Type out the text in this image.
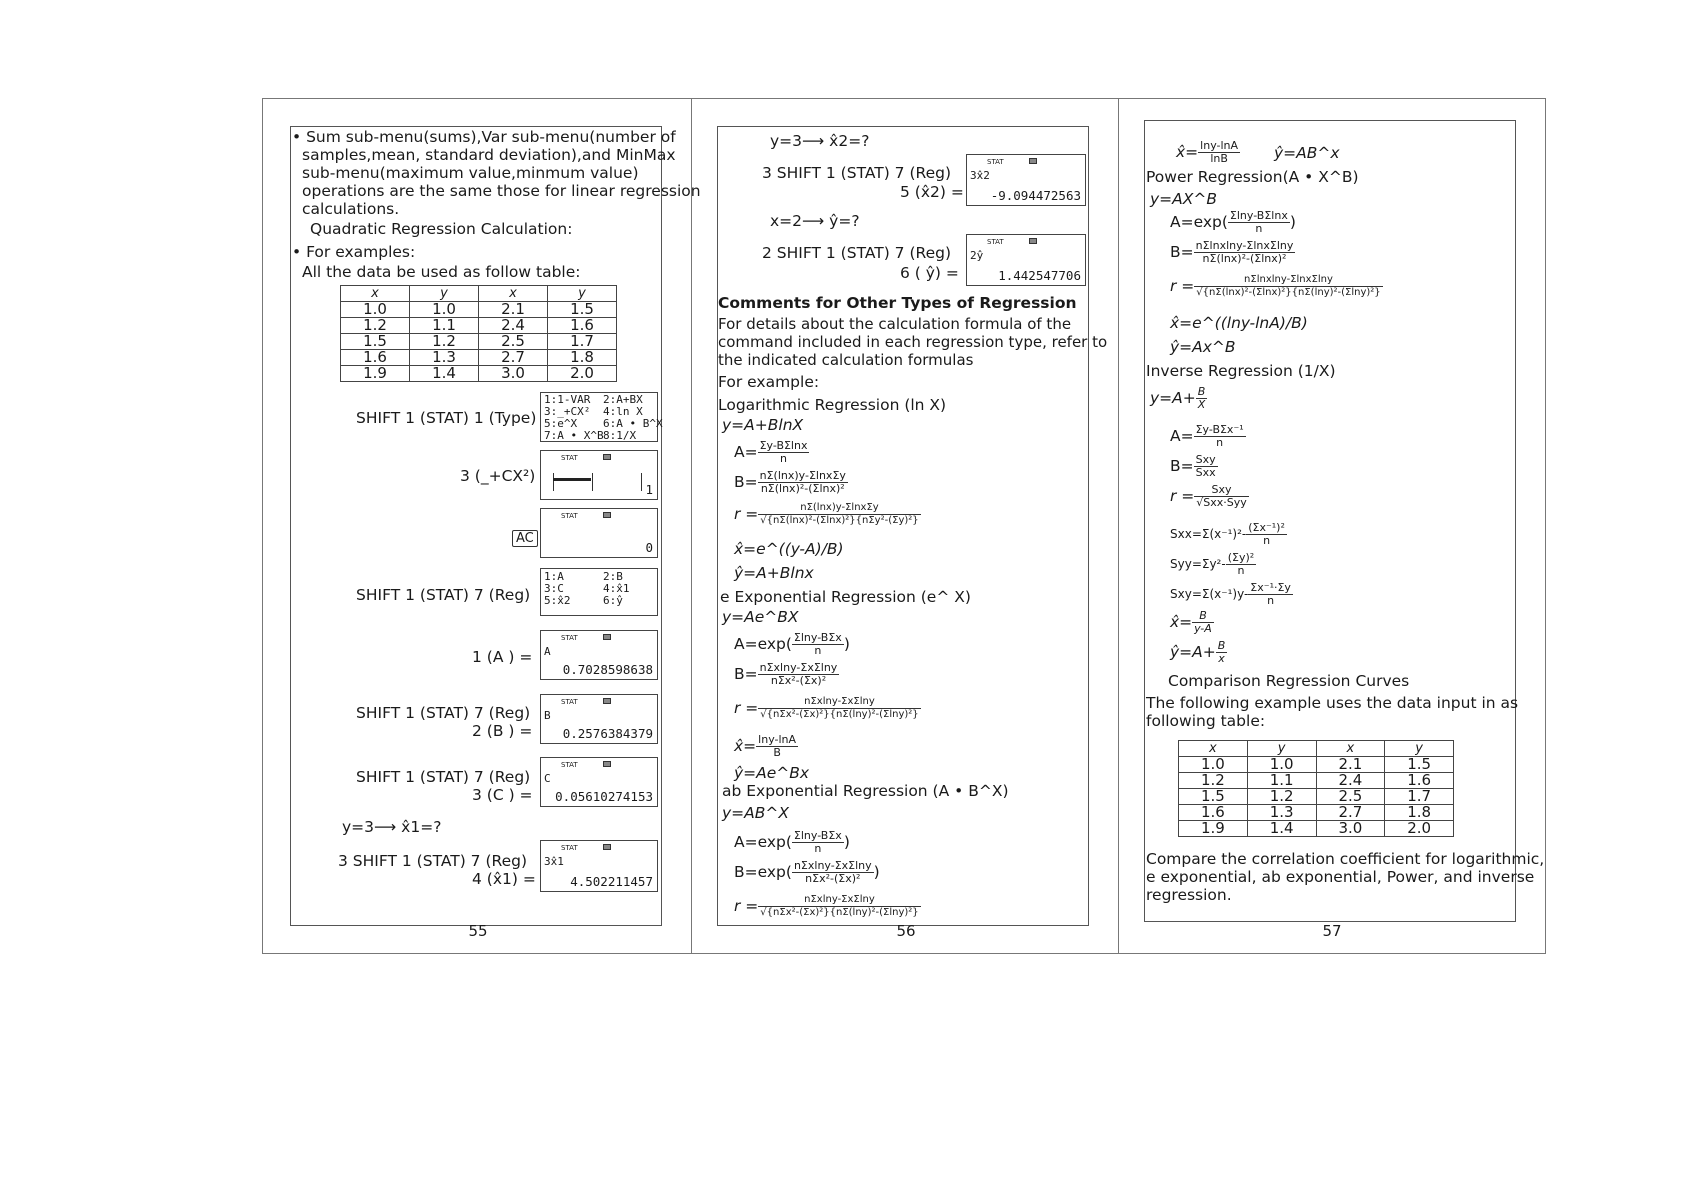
• Sum sub-menu(sums),Var sub-menu(number of
samples,mean, standard deviation),and MinMax
sub-menu(maximum value,minmum value)
operations are the same those for linear regression
calculations.
Quadratic Regression Calculation:
• For examples:
All the data be used as follow table:
x	y	x	y
1.0	1.0	2.1	1.5
1.2	1.1	2.4	1.6
1.5	1.2	2.5	1.7
1.6	1.3	2.7	1.8
1.9	1.4	3.0	2.0
SHIFT 1 (STAT) 1 (Type)
1:1-VAR 2:A+BX
3:_+CX² 4:ln X
5:e^X 6:A • B^X
7:A • X^B 8:1/X
3 (_+CX²)
STAT
1
AC
STAT
0
SHIFT 1 (STAT) 7 (Reg)
1:A	2:B
3:C	4:x̂1
5:x̂2	6:ŷ
1 (A ) =
STAT
A
0.7028598638
SHIFT 1 (STAT) 7 (Reg)
2 (B ) =
STAT
B
0.2576384379
SHIFT 1 (STAT) 7 (Reg)
3 (C ) =
STAT
C
0.05610274153
y=3⟶ x̂1=?
3 SHIFT 1 (STAT) 7 (Reg)
4 (x̂1) =
STAT
3x̂1
4.502211457
55
y=3⟶ x̂2=?
3 SHIFT 1 (STAT) 7 (Reg)
5 (x̂2) =
STAT
3x̂2
-9.094472563
x=2⟶ ŷ=?
2 SHIFT 1 (STAT) 7 (Reg)
6 ( ŷ) =
STAT
2ŷ
1.442547706
Comments for Other Types of Regression
For details about the calculation formula of the
command included in each regression type, refer to
the indicated calculation formulas
For example:
Logarithmic Regression (ln X)
y=A+BlnX
$A= \frac{\Sigma y-B\Sigma\ln x}{n}$
$B= \frac{\text{nΣ(lnx)y-ΣlnxΣy}}{\text{nΣ(lnx)²-(Σlnx)²}}$
$r = \frac{\text{nΣ(lnx)y-ΣlnxΣy}}{\text{√\{nΣ(lnx)²-(Σlnx)²\}\{nΣy²-(Σy)²\}}}$
x̂=e^((y-A)/B)
ŷ=A+Blnx
e Exponential Regression (e^ X)
y=Ae^BX
$A=\exp( \frac{\text{Σlny-BΣx}}{n}$ )
$B= \frac{\text{nΣxlny-ΣxΣlny}}{\text{nΣx²-(Σx)²}}$
$r = \frac{\text{nΣxlny-ΣxΣlny}}{\text{√\{nΣx²-(Σx)²\}\{nΣ(lny)²-(Σlny)²\}}}$
x̂= $\frac{\ln y-\ln A}{B}$
ŷ=Ae^Bx
ab Exponential Regression (A • B^X)
y=AB^X
$A=\exp( \frac{\text{Σlny-BΣx}}{n}$ )
$B=\exp( \frac{\text{nΣxlny-ΣxΣlny}}{\text{nΣx²-(Σx)²}}$ )
$r = \frac{\text{nΣxlny-ΣxΣlny}}{\text{√\{nΣx²-(Σx)²\}\{nΣ(lny)²-(Σlny)²\}}}$
56
x̂= $\frac{\ln y-\ln A}{\ln B}$ ŷ=AB^x
Power Regression(A • X^B)
y=AX^B
$A=\exp( \frac{\Sigma\ln y-B\Sigma\ln x}{n}$ )
$B= \frac{\text{nΣlnxlny-ΣlnxΣlny}}{\text{nΣ(lnx)²-(Σlnx)²}}$
$r = \frac{\text{nΣlnxlny-ΣlnxΣlny}}{\text{√\{nΣ(lnx)²-(Σlnx)²\}\{nΣ(lny)²-(Σlny)²\}}}$
x̂=e^((lny-lnA)/B)
ŷ=Ax^B
Inverse Regression (1/X)
$y=A+ \frac{B}{X}$
$A= \frac{\text{Σy-BΣx⁻¹}}{n}$
$B= \frac{\text{Sxy}}{\text{Sxx}}$
$r = \frac{\text{Sxy}}{\text{√Sxx·Syy}}$
$Sxx=\Sigma(x^{-1})^2- \frac{\text{(Σx⁻¹)²}}{n}$
$Syy=\Sigma y^2- \frac{\text{(Σy)²}}{n}$
$Sxy=\Sigma(x^{-1})y- \frac{\text{Σx⁻¹·Σy}}{n}$
x̂= $\frac{B}{y-A}$
ŷ=A+ $\frac{B}{x}$
Comparison Regression Curves
The following example uses the data input in as
following table:
x	y	x	y
1.0	1.0	2.1	1.5
1.2	1.1	2.4	1.6
1.5	1.2	2.5	1.7
1.6	1.3	2.7	1.8
1.9	1.4	3.0	2.0
Compare the correlation coefficient for logarithmic,
e exponential, ab exponential, Power, and inverse
regression.
57
